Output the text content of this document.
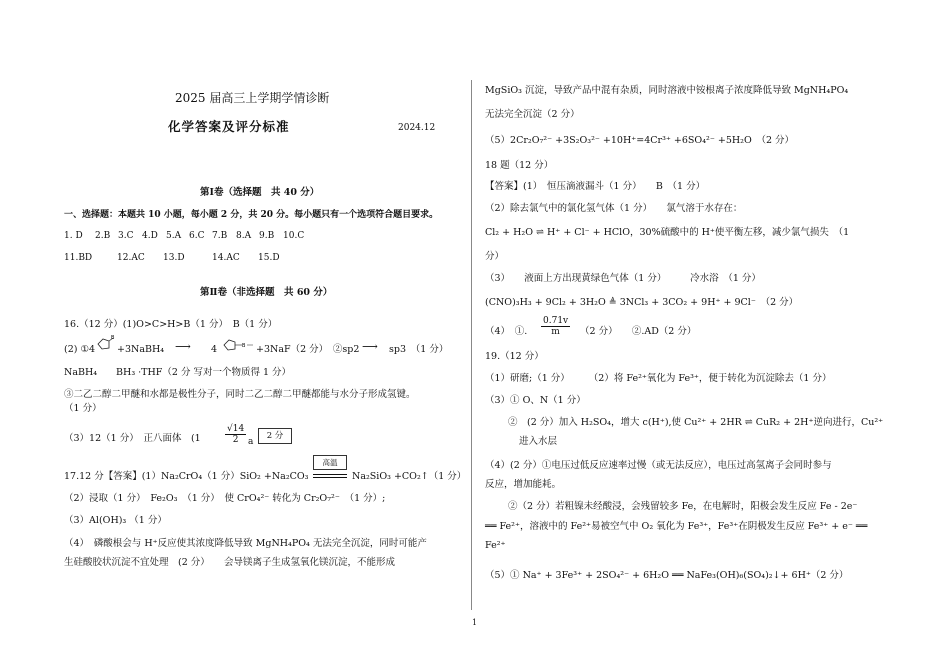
2025 届高三上学期学情诊断
化学答案及评分标准	2024.12
第Ⅰ卷（选择题　共 40 分）
一、选择题：本题共 10 小题，每小题 2 分，共 20 分。每小题只有一个选项符合题目要求。
1. D 2.B 3.C 4.D 5.A 6.C 7.B 8.A 9.B 10.C
11.BD	12.AC 13.D	14.AC 15.D
第Ⅱ卷（非选择题　共 60 分）
16.（12 分）(1)O>C>H>B（1 分）　B（1 分）
(2) ①4
B
+3NaBH₄ ⟶ 4	B +3NaF（2 分）　②sp2 ⟶ sp3　（1 分）
NaBH₄　　BH₃ ·THF（2 分 写对一个物质得 1 分）
③二乙二醇二甲醚和水都是极性分子，同时二乙二醇二甲醚都能与水分子形成氢键。
（1 分）
（3）12（1 分）　正八面体　(1	$\frac{√14}{2}$ a
2 分
17.12 分【答案】(1）Na₂CrO₄（1 分）SiO₂ +Na₂CO₃
高温
Na₂SiO₃ +CO₂↑（1 分）
（2）浸取（1 分）　Fe₂O₃　（1 分）　使 CrO₄²⁻ 转化为 Cr₂O₇²⁻　（1 分）;
（3）Al(OH)₃ （1 分）
（4）　磷酸根会与 H⁺反应使其浓度降低导致 MgNH₄PO₄ 无法完全沉淀，同时可能产
生硅酸胶状沉淀不宜处理　(2 分）　　会导镁离子生成氢氧化镁沉淀，不能形成
MgSiO₃ 沉淀，导致产品中混有杂质，同时溶液中铵根离子浓度降低导致 MgNH₄PO₄
无法完全沉淀（2 分）
（5）2Cr₂O₇²⁻ +3S₂O₃²⁻ +10H⁺=4Cr³⁺ +6SO₄²⁻ +5H₂O　（2 分）
18 题（12 分）
【答案】(1）　恒压滴液漏斗（1 分）　　B　（1 分）
（2）除去氯气中的氯化氢气体（1 分）　　氯气溶于水存在：
Cl₂ + H₂O ⇌ H⁺ + Cl⁻ + HClO，30%硫酸中的 H⁺使平衡左移，减少氯气损失　（1
分）
（3）　　液面上方出现黄绿色气体（1 分）　　　冷水浴　（1 分）
(CNO)₃H₃ + 9Cl₂ + 3H₂O ≜ 3NCl₃ + 3CO₂ + 9H⁺ + 9Cl⁻　（2 分）
（4）　①. $\frac{0.71v}{m} (2$ 分）　　②.AD（2 分）
19.（12 分）
（1）研磨;（1 分）　　　（2）将 Fe²⁺氧化为 Fe³⁺，便于转化为沉淀除去（1 分）
（3）① O、N（1 分）
②　(2 分）加入 H₂SO₄，增大 c(H⁺),使 Cu²⁺ + 2HR ⇌ CuR₂ + 2H⁺逆向进行，Cu²⁺
进入水层
（4）(2 分）①电压过低反应速率过慢（或无法反应），电压过高氢离子会同时参与
反应，增加能耗。
②（2 分）若粗镍未经酸浸，会残留较多 Fe，在电解时，阳极会发生反应 Fe - 2e⁻
══ Fe²⁺，溶液中的 Fe²⁺易被空气中 O₂ 氧化为 Fe³⁺，Fe³⁺在阴极发生反应 Fe³⁺ + e⁻ ══
Fe²⁺
（5）① Na⁺ + 3Fe³⁺ + 2SO₄²⁻ + 6H₂O ══ NaFe₃(OH)₆(SO₄)₂↓+ 6H⁺（2 分）
1
